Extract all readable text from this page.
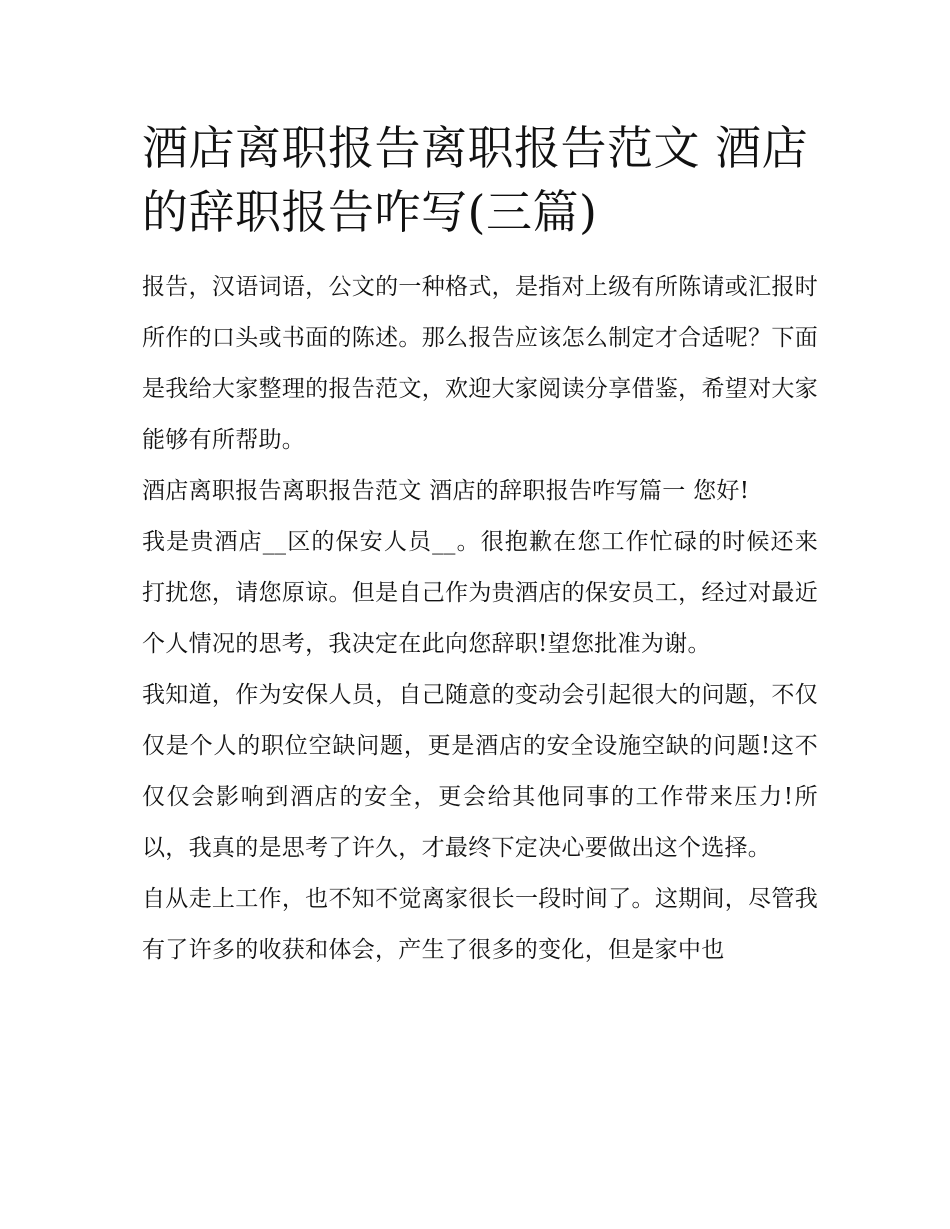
酒店离职报告离职报告范文 酒店的辞职报告咋写(三篇)

报告，汉语词语，公文的一种格式，是指对上级有所陈请或汇报时所作的口头或书面的陈述。那么报告应该怎么制定才合适呢？下面是我给大家整理的报告范文，欢迎大家阅读分享借鉴，希望对大家能够有所帮助。

酒店离职报告离职报告范文 酒店的辞职报告咋写篇一 您好!

我是贵酒店__区的保安人员__。很抱歉在您工作忙碌的时候还来打扰您，请您原谅。但是自己作为贵酒店的保安员工，经过对最近个人情况的思考，我决定在此向您辞职!望您批准为谢。

我知道，作为安保人员，自己随意的变动会引起很大的问题，不仅仅是个人的职位空缺问题，更是酒店的安全设施空缺的问题!这不仅仅会影响到酒店的安全，更会给其他同事的工作带来压力!所以，我真的是思考了许久，才最终下定决心要做出这个选择。

自从走上工作，也不知不觉离家很长一段时间了。这期间，尽管我有了许多的收获和体会，产生了很多的变化，但是家中也
